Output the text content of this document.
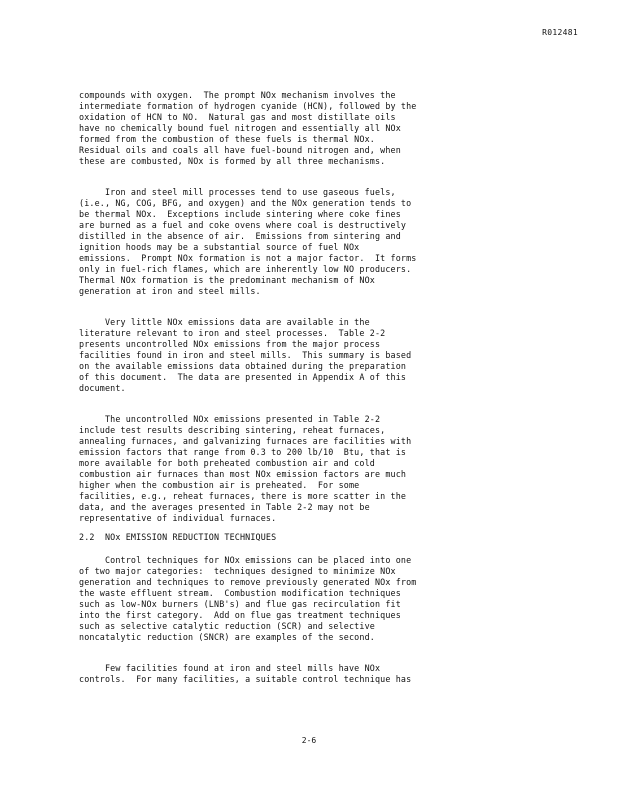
R012481
compounds with oxygen.  The prompt NOx mechanism involves the
intermediate formation of hydrogen cyanide (HCN), followed by the
oxidation of HCN to NO.  Natural gas and most distillate oils
have no chemically bound fuel nitrogen and essentially all NOx
formed from the combustion of these fuels is thermal NOx.
Residual oils and coals all have fuel-bound nitrogen and, when
these are combusted, NOx is formed by all three mechanisms.
Iron and steel mill processes tend to use gaseous fuels,
(i.e., NG, COG, BFG, and oxygen) and the NOx generation tends to
be thermal NOx.  Exceptions include sintering where coke fines
are burned as a fuel and coke ovens where coal is destructively
distilled in the absence of air.  Emissions from sintering and
ignition hoods may be a substantial source of fuel NOx
emissions.  Prompt NOx formation is not a major factor.  It forms
only in fuel-rich flames, which are inherently low NO producers.
Thermal NOx formation is the predominant mechanism of NOx
generation at iron and steel mills.
Very little NOx emissions data are available in the
literature relevant to iron and steel processes.  Table 2-2
presents uncontrolled NOx emissions from the major process
facilities found in iron and steel mills.  This summary is based
on the available emissions data obtained during the preparation
of this document.  The data are presented in Appendix A of this
document.
The uncontrolled NOx emissions presented in Table 2-2
include test results describing sintering, reheat furnaces,
annealing furnaces, and galvanizing furnaces are facilities with
emission factors that range from 0.3 to 200 lb/10  Btu, that is
more available for both preheated combustion air and cold
combustion air furnaces than most NOx emission factors are much
higher when the combustion air is preheated.  For some
facilities, e.g., reheat furnaces, there is more scatter in the
data, and the averages presented in Table 2-2 may not be
representative of individual furnaces.
2.2  NOx EMISSION REDUCTION TECHNIQUES
Control techniques for NOx emissions can be placed into one
of two major categories:  techniques designed to minimize NOx
generation and techniques to remove previously generated NOx from
the waste effluent stream.  Combustion modification techniques
such as low-NOx burners (LNB's) and flue gas recirculation fit
into the first category.  Add on flue gas treatment techniques
such as selective catalytic reduction (SCR) and selective
noncatalytic reduction (SNCR) are examples of the second.
Few facilities found at iron and steel mills have NOx
controls.  For many facilities, a suitable control technique has
2-6
